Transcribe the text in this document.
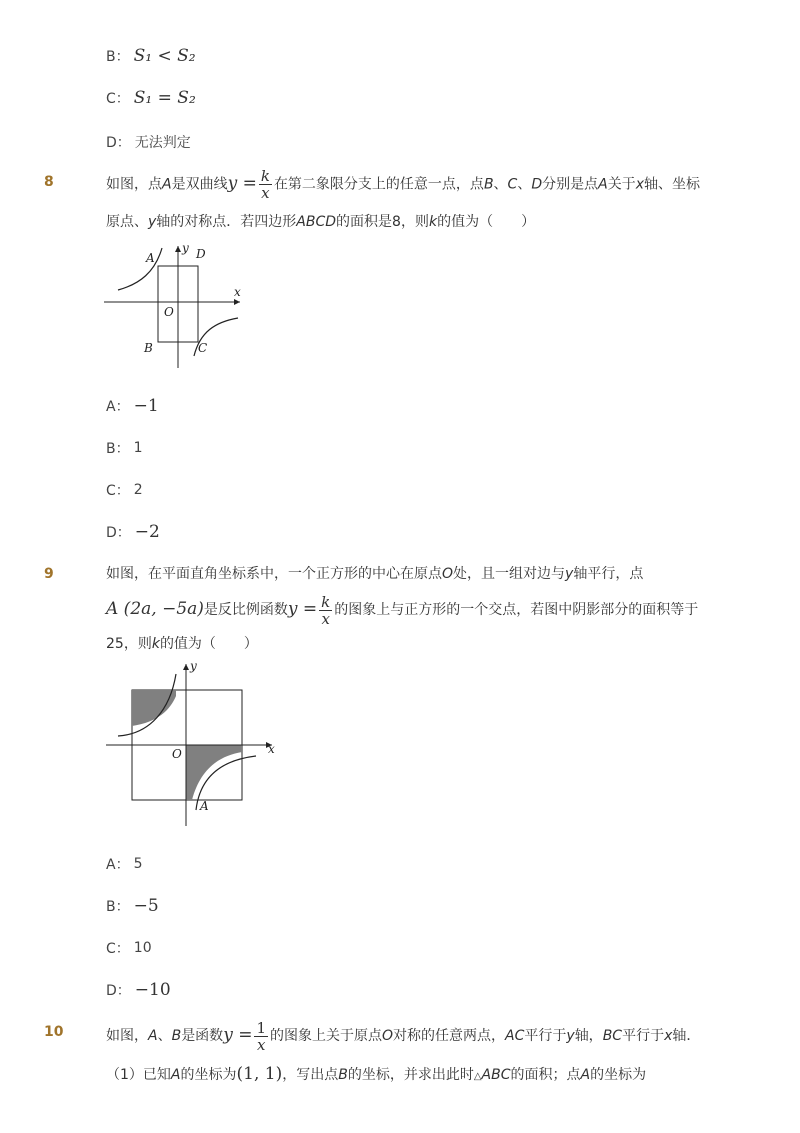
B： S₁ < S₂
C： S₁ = S₂
D： 无法判定
8	如图，点A是双曲线$y = \frac{k}{x}$ 在第二象限分支上的任意一点，点B、C、D分别是点A关于x轴、坐标
原点、y轴的对称点．若四边形ABCD的面积是8，则k的值为（　　）
A	D
O
x
y
B	C
A： −1
B： 1
C： 2
D： −2
9	如图，在平面直角坐标系中，一个正方形的中心在原点O处，且一组对边与y轴平行，点
A (2a, −5a)是反比例函数$y = \frac{k}{x}$ 的图象上与正方形的一个交点，若图中阴影部分的面积等于
25，则k的值为（　　）
O	x
y
A
A： 5
B： −5
C： 10
D： −10
10	如图，A、B是函数$y = \frac{1}{x}$ 的图象上关于原点O对称的任意两点，AC平行于y轴，BC平行于x轴．
（1）已知A的坐标为(1, 1)，写出点B的坐标，并求出此时△ABC的面积；点A的坐标为
